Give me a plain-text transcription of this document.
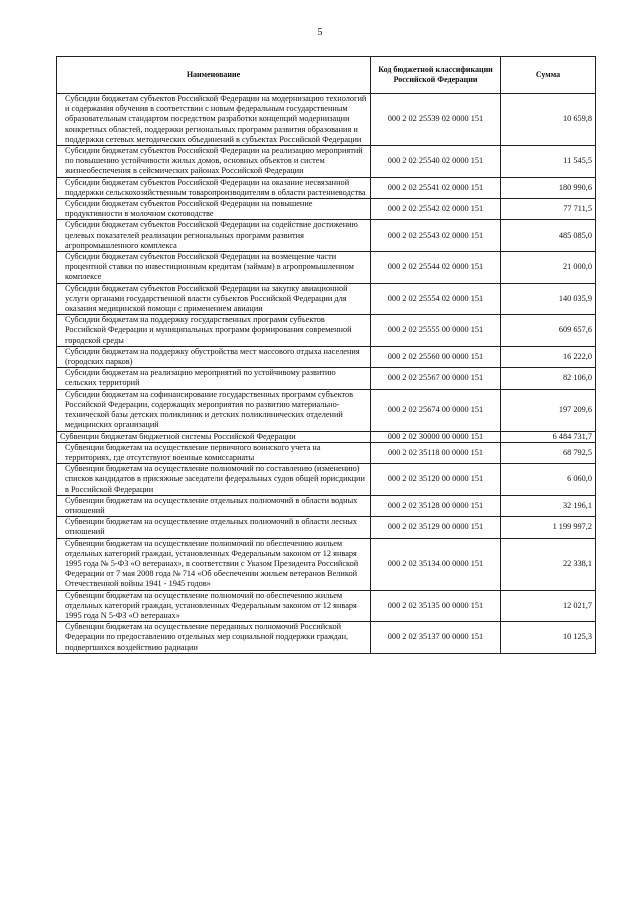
5
Наименование	Код бюджетной классификации Российской Федерации	Сумма
Субсидии бюджетам субъектов Российской Федерации на модернизацию технологий и содержания обучения в соответствии с новым федеральным государственным образовательным стандартом посредством разработки концепций модернизации конкретных областей, поддержки региональных программ развития образования и поддержки сетевых методических объединений в субъектах Российской Федерации	000 2 02 25539 02 0000 151	10 659,8
Субсидии бюджетам субъектов Российской Федерации на реализацию мероприятий по повышению устойчивости жилых домов, основных объектов и систем жизнеобеспечения в сейсмических районах Российской Федерации	000 2 02 25540 02 0000 151	11 545,5
Субсидии бюджетам субъектов Российской Федерации на оказание несвязанной поддержки сельскохозяйственным товаропроизводителям в области растениеводства	000 2 02 25541 02 0000 151	180 990,6
Субсидии бюджетам субъектов Российской Федерации на повышение продуктивности в молочном скотоводстве	000 2 02 25542 02 0000 151	77 711,5
Субсидии бюджетам субъектов Российской Федерации на содействие достижению целевых показателей реализации региональных программ развития агропромышленного комплекса	000 2 02 25543 02 0000 151	485 085,0
Субсидии бюджетам субъектов Российской Федерации на возмещение части процентной ставки по инвестиционным кредитам (займам) в агропромышленном комплексе	000 2 02 25544 02 0000 151	21 000,0
Субсидии бюджетам субъектов Российской Федерации на закупку авиационной услуги органами государственной власти субъектов Российской Федерации для оказания медицинской помощи с применением авиации	000 2 02 25554 02 0000 151	140 035,9
Субсидии бюджетам на поддержку государственных программ субъектов Российской Федерации и муниципальных программ формирования современной городской среды	000 2 02 25555 00 0000 151	609 657,6
Субсидии бюджетам на поддержку обустройства мест массового отдыха населения (городских парков)	000 2 02 25560 00 0000 151	16 222,0
Субсидии бюджетам на реализацию мероприятий по устойчивому развитию сельских территорий	000 2 02 25567 00 0000 151	82 106,0
Субсидии бюджетам на софинансирование государственных программ субъектов Российской Федерации, содержащих мероприятия по развитию материально-технической базы детских поликлиник и детских поликлинических отделений медицинских организаций	000 2 02 25674 00 0000 151	197 209,6
Субвенции бюджетам бюджетной системы Российской Федерации	000 2 02 30000 00 0000 151	6 484 731,7
Субвенции бюджетам на осуществление первичного воинского учета на территориях, где отсутствуют военные комиссариаты	000 2 02 35118 00 0000 151	68 792,5
Субвенции бюджетам на осуществление полномочий по составлению (изменению) списков кандидатов в присяжные заседатели федеральных судов общей юрисдикции в Российской Федерации	000 2 02 35120 00 0000 151	6 060,0
Субвенции бюджетам на осуществление отдельных полномочий в области водных отношений	000 2 02 35128 00 0000 151	32 196,1
Субвенции бюджетам на осуществление отдельных полномочий в области лесных отношений	000 2 02 35129 00 0000 151	1 199 997,2
Субвенции бюджетам на осуществление полномочий по обеспечению жильем отдельных категорий граждан, установленных Федеральным законом от 12 января 1995 года № 5-ФЗ «О ветеранах», в соответствии с Указом Президента Российской Федерации от 7 мая 2008 года № 714 «Об обеспечении жильем ветеранов Великой Отечественной войны 1941 - 1945 годов»	000 2 02 35134 00 0000 151	22 338,1
Субвенции бюджетам на осуществление полномочий по обеспечению жильем отдельных категорий граждан, установленных Федеральным законом от 12 января 1995 года N 5-ФЗ «О ветеранах»	000 2 02 35135 00 0000 151	12 021,7
Субвенции бюджетам на осуществление переданных полномочий Российской Федерации по предоставлению отдельных мер социальной поддержки граждан, подвергшихся воздействию радиации	000 2 02 35137 00 0000 151	10 125,3
